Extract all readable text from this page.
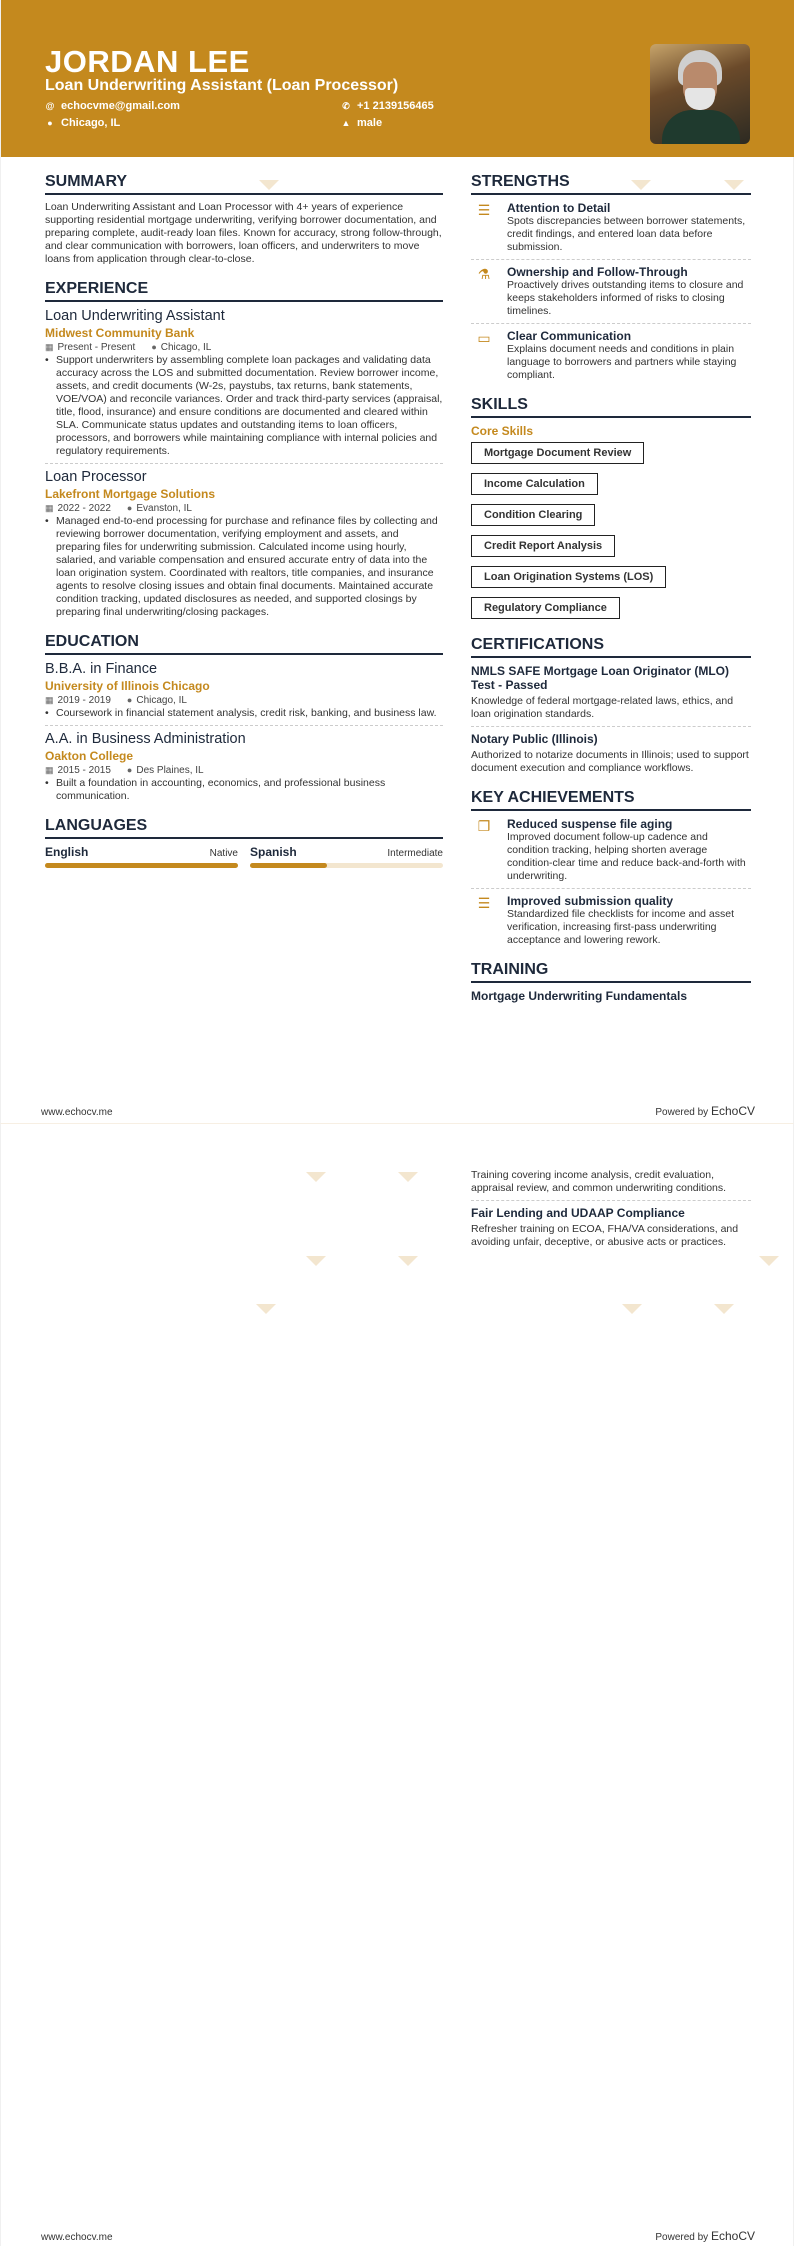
JORDAN LEE
Loan Underwriting Assistant (Loan Processor)
@ echocvme@gmail.com
● Chicago, IL
✆ +1 2139156465
▲ male
SUMMARY
Loan Underwriting Assistant and Loan Processor with 4+ years of experience supporting residential mortgage underwriting, verifying borrower documentation, and preparing complete, audit-ready loan files. Known for accuracy, strong follow-through, and clear communication with borrowers, loan officers, and underwriters to move loans from application through clear-to-close.
EXPERIENCE
Loan Underwriting Assistant
Midwest Community Bank
▦ Present - Present ● Chicago, IL
• Support underwriters by assembling complete loan packages and validating data accuracy across the LOS and submitted documentation. Review borrower income, assets, and credit documents (W-2s, paystubs, tax returns, bank statements, VOE/VOA) and reconcile variances. Order and track third-party services (appraisal, title, flood, insurance) and ensure conditions are documented and cleared within SLA. Communicate status updates and outstanding items to loan officers, processors, and borrowers while maintaining compliance with internal policies and regulatory requirements.
Loan Processor
Lakefront Mortgage Solutions
▦ 2022 - 2022 ● Evanston, IL
• Managed end-to-end processing for purchase and refinance files by collecting and reviewing borrower documentation, verifying employment and assets, and preparing files for underwriting submission. Calculated income using hourly, salaried, and variable compensation and ensured accurate entry of data into the loan origination system. Coordinated with realtors, title companies, and insurance agents to resolve closing issues and obtain final documents. Maintained accurate condition tracking, updated disclosures as needed, and supported closings by preparing final underwriting/closing packages.
EDUCATION
B.B.A. in Finance
University of Illinois Chicago
▦ 2019 - 2019 ● Chicago, IL
• Coursework in financial statement analysis, credit risk, banking, and business law.
A.A. in Business Administration
Oakton College
▦ 2015 - 2015 ● Des Plaines, IL
• Built a foundation in accounting, economics, and professional business communication.
LANGUAGES
English	Native Spanish	Intermediate
STRENGTHS
☰	Attention to Detail
Spots discrepancies between borrower statements, credit findings, and entered loan data before submission.
⚗	Ownership and Follow-Through
Proactively drives outstanding items to closure and keeps stakeholders informed of risks to closing timelines.
▭	Clear Communication
Explains document needs and conditions in plain language to borrowers and partners while staying compliant.
SKILLS
Core Skills
Mortgage Document Review
Income Calculation
Condition Clearing
Credit Report Analysis
Loan Origination Systems (LOS)
Regulatory Compliance
CERTIFICATIONS
NMLS SAFE Mortgage Loan Originator (MLO) Test - Passed
Knowledge of federal mortgage-related laws, ethics, and loan origination standards.
Notary Public (Illinois)
Authorized to notarize documents in Illinois; used to support document execution and compliance workflows.
KEY ACHIEVEMENTS
❐	Reduced suspense file aging
Improved document follow-up cadence and condition tracking, helping shorten average condition-clear time and reduce back-and-forth with underwriting.
☰	Improved submission quality
Standardized file checklists for income and asset verification, increasing first-pass underwriting acceptance and lowering rework.
TRAINING
Mortgage Underwriting Fundamentals
www.echocv.me	Powered by EchoCV
Training covering income analysis, credit evaluation, appraisal review, and common underwriting conditions.
Fair Lending and UDAAP Compliance
Refresher training on ECOA, FHA/VA considerations, and avoiding unfair, deceptive, or abusive acts or practices.
www.echocv.me	Powered by EchoCV
